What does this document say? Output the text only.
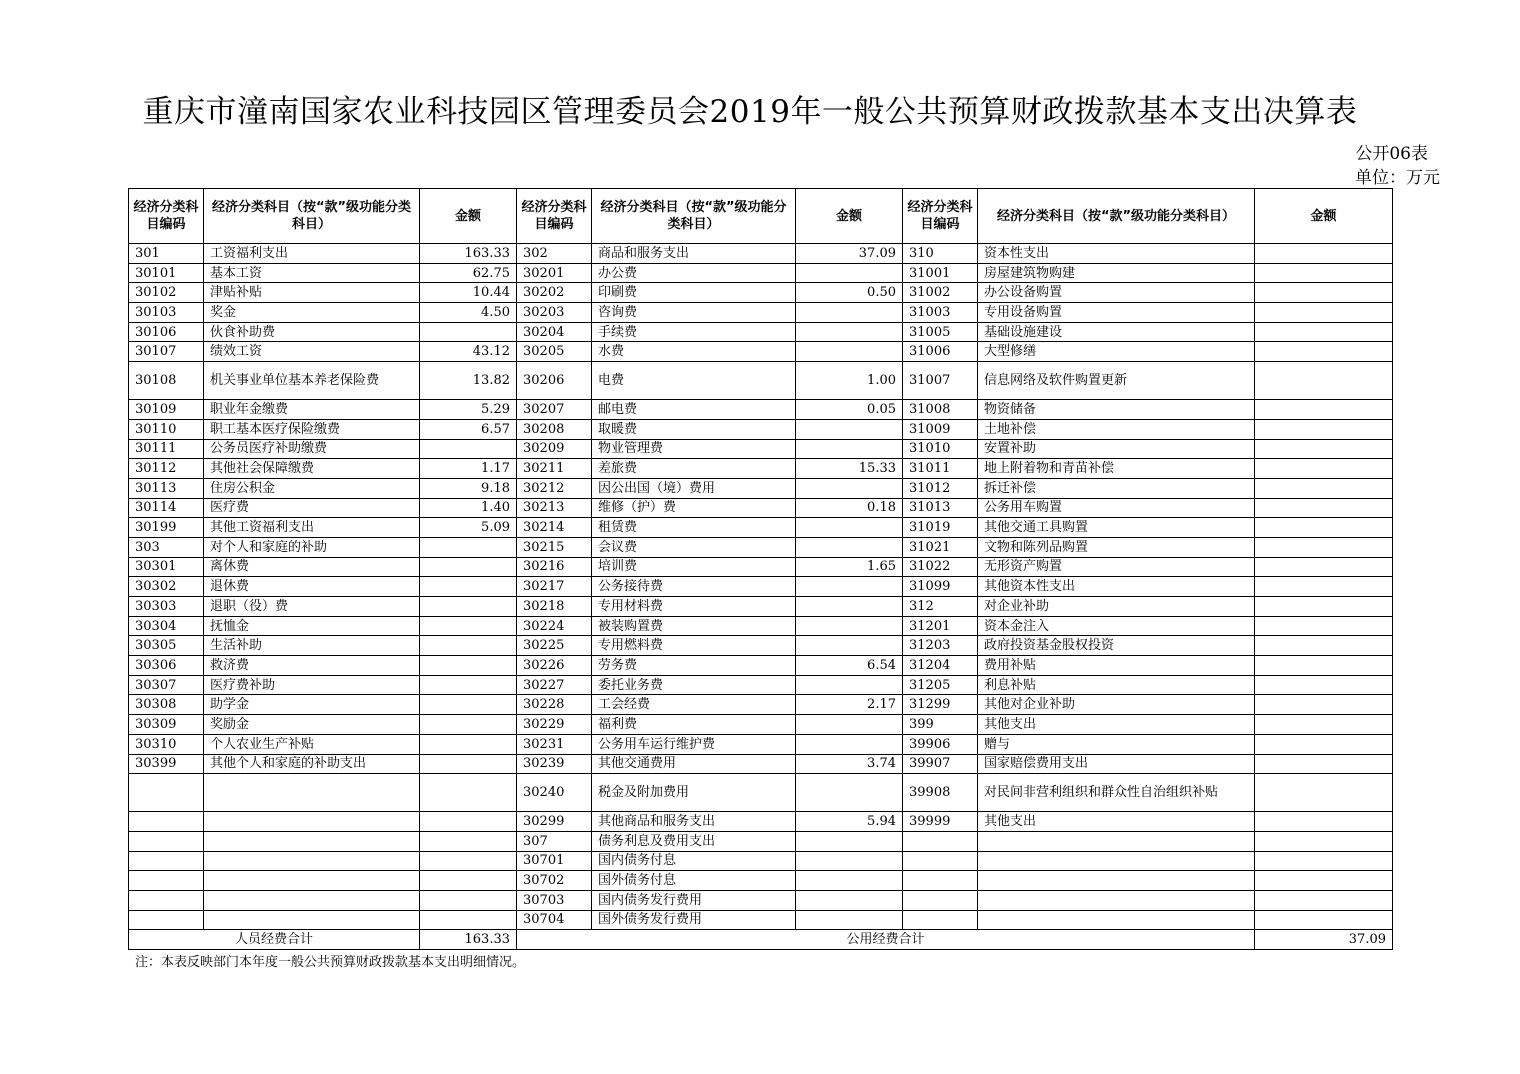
重庆市潼南国家农业科技园区管理委员会2019年一般公共预算财政拨款基本支出决算表
公开06表
单位：万元
经济分类科目编码	经济分类科目（按“款”级功能分类科目）	金额	经济分类科目编码	经济分类科目（按“款”级功能分类科目）	金额	经济分类科目编码	经济分类科目（按“款”级功能分类科目）	金额
301	工资福利支出	163.33	302	商品和服务支出	37.09	310	资本性支出	
30101	基本工资	62.75	30201	办公费		31001	房屋建筑物购建	
30102	津贴补贴	10.44	30202	印刷费	0.50	31002	办公设备购置	
30103	奖金	4.50	30203	咨询费		31003	专用设备购置	
30106	伙食补助费		30204	手续费		31005	基础设施建设	
30107	绩效工资	43.12	30205	水费		31006	大型修缮	
30108	机关事业单位基本养老保险费	13.82	30206	电费	1.00	31007	信息网络及软件购置更新	
30109	职业年金缴费	5.29	30207	邮电费	0.05	31008	物资储备	
30110	职工基本医疗保险缴费	6.57	30208	取暖费		31009	土地补偿	
30111	公务员医疗补助缴费		30209	物业管理费		31010	安置补助	
30112	其他社会保障缴费	1.17	30211	差旅费	15.33	31011	地上附着物和青苗补偿	
30113	住房公积金	9.18	30212	因公出国（境）费用		31012	拆迁补偿	
30114	医疗费	1.40	30213	维修（护）费	0.18	31013	公务用车购置	
30199	其他工资福利支出	5.09	30214	租赁费		31019	其他交通工具购置	
303	对个人和家庭的补助		30215	会议费		31021	文物和陈列品购置	
30301	离休费		30216	培训费	1.65	31022	无形资产购置	
30302	退休费		30217	公务接待费		31099	其他资本性支出	
30303	退职（役）费		30218	专用材料费		312	对企业补助	
30304	抚恤金		30224	被装购置费		31201	资本金注入	
30305	生活补助		30225	专用燃料费		31203	政府投资基金股权投资	
30306	救济费		30226	劳务费	6.54	31204	费用补贴	
30307	医疗费补助		30227	委托业务费		31205	利息补贴	
30308	助学金		30228	工会经费	2.17	31299	其他对企业补助	
30309	奖励金		30229	福利费		399	其他支出	
30310	个人农业生产补贴		30231	公务用车运行维护费		39906	赠与	
30399	其他个人和家庭的补助支出		30239	其他交通费用	3.74	39907	国家赔偿费用支出	
			30240	税金及附加费用		39908	对民间非营利组织和群众性自治组织补贴	
			30299	其他商品和服务支出	5.94	39999	其他支出	
			307	债务利息及费用支出				
			30701	国内债务付息				
			30702	国外债务付息				
			30703	国内债务发行费用				
			30704	国外债务发行费用				
人员经费合计		163.33	公用经费合计					37.09
注：本表反映部门本年度一般公共预算财政拨款基本支出明细情况。
